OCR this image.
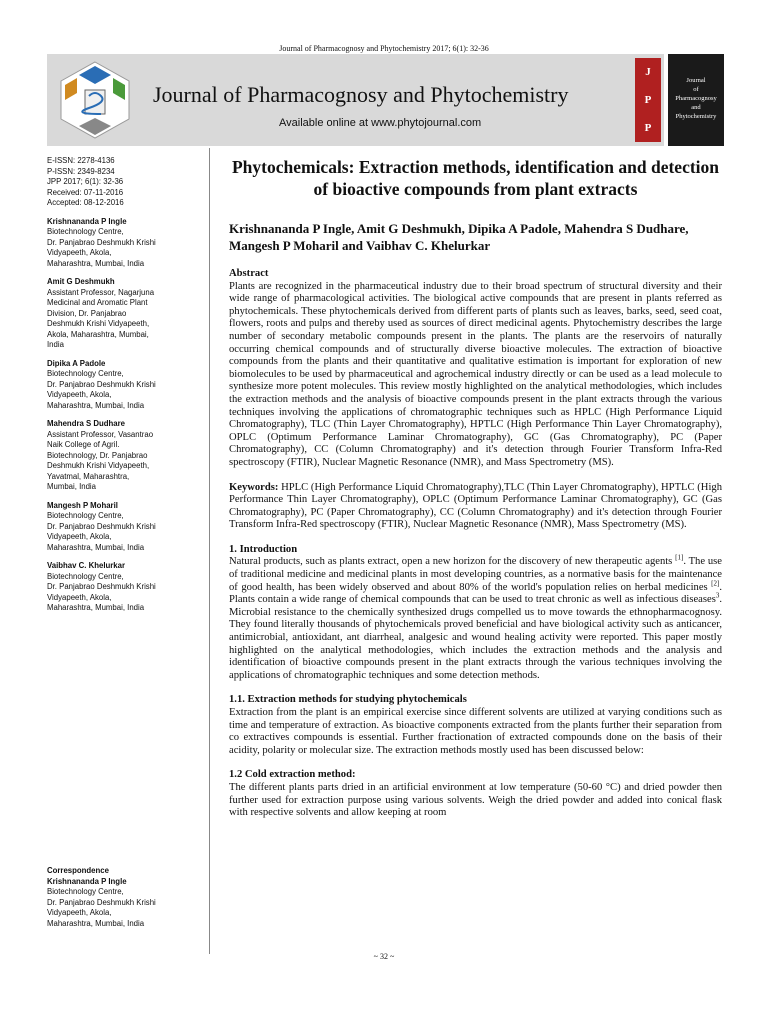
Journal of Pharmacognosy and Phytochemistry 2017; 6(1): 32-36
Journal of Pharmacognosy and Phytochemistry
Available online at www.phytojournal.com
J
P
P
Journal
of
Pharmacognosy
and
Phytochemistry
E-ISSN: 2278-4136
P-ISSN: 2349-8234
JPP 2017; 6(1): 32-36
Received: 07-11-2016
Accepted: 08-12-2016
Krishnananda P Ingle
Biotechnology Centre,
Dr. Panjabrao Deshmukh Krishi
Vidyapeeth, Akola,
Maharashtra, Mumbai, India
Amit G Deshmukh
Assistant Professor, Nagarjuna
Medicinal and Aromatic Plant
Division, Dr. Panjabrao
Deshmukh Krishi Vidyapeeth,
Akola, Maharashtra, Mumbai,
India
Dipika A Padole
Biotechnology Centre,
Dr. Panjabrao Deshmukh Krishi
Vidyapeeth, Akola,
Maharashtra, Mumbai, India
Mahendra S Dudhare
Assistant Professor, Vasantrao
Naik College of Agril.
Biotechnology, Dr. Panjabrao
Deshmukh Krishi Vidyapeeth,
Yavatmal, Maharashtra,
Mumbai, India
Mangesh P Moharil
Biotechnology Centre,
Dr. Panjabrao Deshmukh Krishi
Vidyapeeth, Akola,
Maharashtra, Mumbai, India
Vaibhav C. Khelurkar
Biotechnology Centre,
Dr. Panjabrao Deshmukh Krishi
Vidyapeeth, Akola,
Maharashtra, Mumbai, India
Correspondence
Krishnananda P Ingle
Biotechnology Centre,
Dr. Panjabrao Deshmukh Krishi
Vidyapeeth, Akola,
Maharashtra, Mumbai, India
Phytochemicals: Extraction methods, identification and detection of bioactive compounds from plant extracts
Krishnananda P Ingle, Amit G Deshmukh, Dipika A Padole, Mahendra S Dudhare, Mangesh P Moharil and Vaibhav C. Khelurkar
Abstract

Plants are recognized in the pharmaceutical industry due to their broad spectrum of structural diversity and their wide range of pharmacological activities. The biological active compounds that are present in plants referred as phytochemicals. These phytochemicals derived from different parts of plants such as leaves, barks, seed, seed coat, flowers, roots and pulps and thereby used as sources of direct medicinal agents. Phytochemistry describes the large number of secondary metabolic compounds present in the plants. The plants are the reservoirs of naturally occurring chemical compounds and of structurally diverse bioactive molecules. The extraction of bioactive compounds from the plants and their quantitative and qualitative estimation is important for exploration of new biomolecules to be used by pharmaceutical and agrochemical industry directly or can be used as a lead molecule to synthesize more potent molecules. This review mostly highlighted on the analytical methodologies, which includes the extraction methods and the analysis of bioactive compounds present in the plant extracts through the various techniques involving the applications of chromatographic techniques such as HPLC (High Performance Liquid Chromatography), TLC (Thin Layer Chromatography), HPTLC (High Performance Thin Layer Chromatography), OPLC (Optimum Performance Laminar Chromatography), GC (Gas Chromatography), PC (Paper Chromatography), CC (Column Chromatography) and it's detection through Fourier Transform Infra-Red spectroscopy (FTIR), Nuclear Magnetic Resonance (NMR), and Mass Spectrometry (MS).

Keywords: HPLC (High Performance Liquid Chromatography),TLC (Thin Layer Chromatography), HPTLC (High Performance Thin Layer Chromatography), OPLC (Optimum Performance Laminar Chromatography), GC (Gas Chromatography), PC (Paper Chromatography), CC (Column Chromatography) and it's detection through Fourier Transform Infra-Red spectroscopy (FTIR), Nuclear Magnetic Resonance (NMR), Mass Spectrometry (MS).

1. Introduction

Natural products, such as plants extract, open a new horizon for the discovery of new therapeutic agents [1]. The use of traditional medicine and medicinal plants in most developing countries, as a normative basis for the maintenance of good health, has been widely observed and about 80% of the world's population relies on herbal medicines [2]. Plants contain a wide range of chemical compounds that can be used to treat chronic as well as infectious diseases$^3$. Microbial resistance to the chemically synthesized drugs compelled us to move towards the ethnopharmacognosy. They found literally thousands of phytochemicals proved beneficial and have biological activity such as anticancer, antimicrobial, antioxidant, ant diarrheal, analgesic and wound healing activity were reported. This paper mostly highlighted on the analytical methodologies, which includes the extraction methods and the analysis and identification of bioactive compounds present in the plant extracts through the various techniques involving the applications of chromatographic techniques and some detection methods.

1.1. Extraction methods for studying phytochemicals

Extraction from the plant is an empirical exercise since different solvents are utilized at varying conditions such as time and temperature of extraction. As bioactive components extracted from the plants further their separation from co extractives compounds is essential. Further fractionation of extracted compounds done on the basis of their acidity, polarity or molecular size. The extraction methods mostly used has been discussed below:

1.2 Cold extraction method:

The different plants parts dried in an artificial environment at low temperature (50-60 °C) and dried powder then further used for extraction purpose using various solvents. Weigh the dried powder and added into conical flask with respective solvents and allow keeping at room

~ 32 ~
